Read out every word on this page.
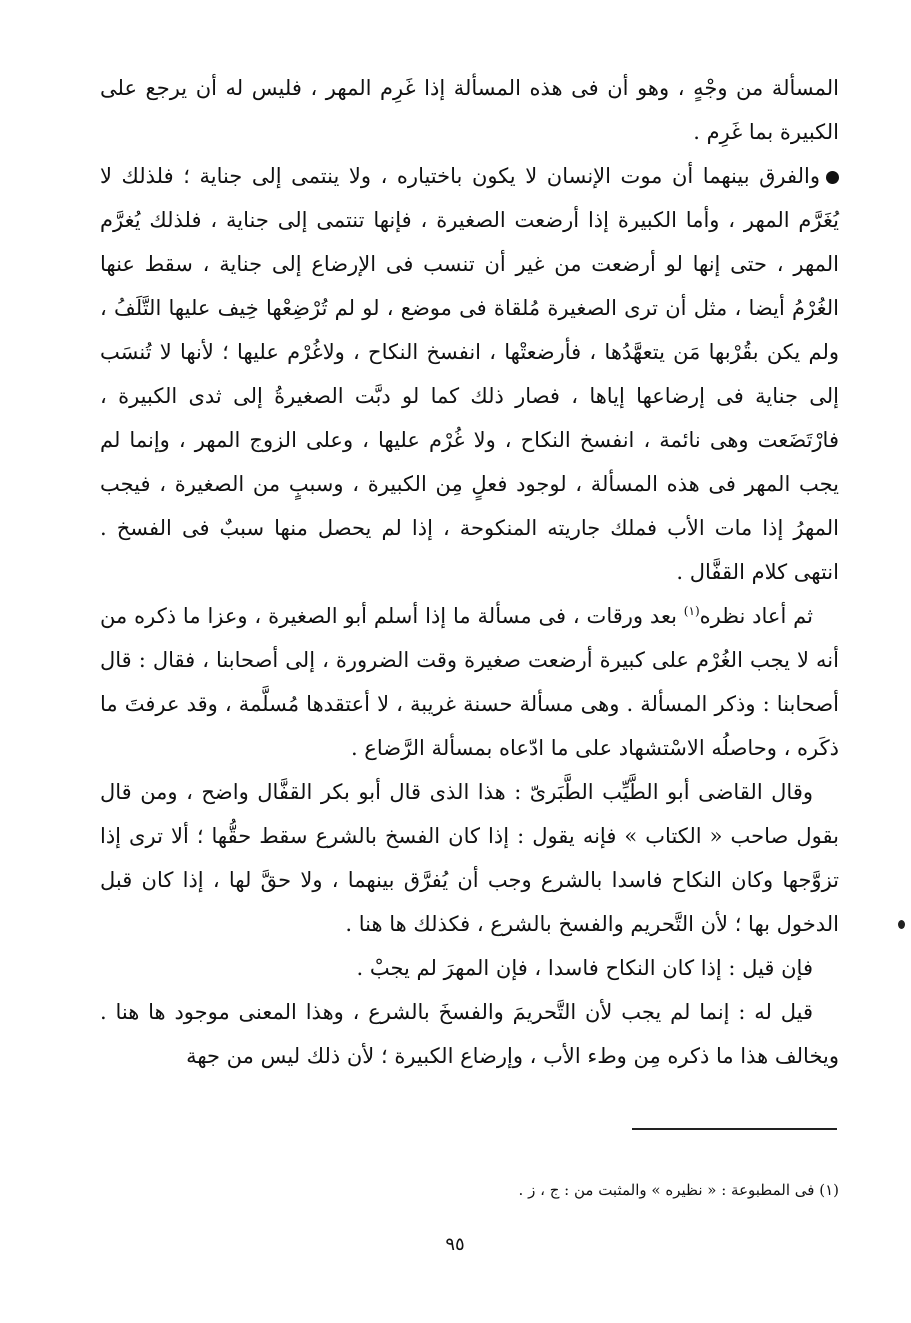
المسألة من وجْهٍ ، وهو أن فى هذه المسألة إذا غَرِم المهر ، فليس له أن يرجع على الكبيرة بما غَرِم .

والفرق بينهما أن موت الإنسان لا يكون باختياره ، ولا ينتمى إلى جناية ؛ فلذلك لا يُغَرَّم المهر ، وأما الكبيرة إذا أرضعت الصغيرة ، فإنها تنتمى إلى جناية ، فلذلك يُغرَّم المهر ، حتى إنها لو أرضعت من غير أن تنسب فى الإرضاع إلى جناية ، سقط عنها الغُرْمُ أيضا ، مثل أن ترى الصغيرة مُلقاة فى موضع ، لو لم تُرْضِعْها خِيف عليها التَّلَفُ ، ولم يكن بقُرْبها مَن يتعهَّدُها ، فأرضعتْها ، انفسخ النكاح ، ولاغُرْم عليها ؛ لأنها لا تُنسَب إلى جناية فى إرضاعها إياها ، فصار ذلك كما لو دبَّت الصغيرةُ إلى ثدى الكبيرة ، فارْتَضَعت وهى نائمة ، انفسخ النكاح ، ولا غُرْم عليها ، وعلى الزوج المهر ، وإنما لم يجب المهر فى هذه المسألة ، لوجود فعلٍ مِن الكبيرة ، وسببٍ من الصغيرة ، فيجب المهرُ إذا مات الأب فملك جاريته المنكوحة ، إذا لم يحصل منها سببٌ فى الفسخ . انتهى كلام القفَّال .

ثم أعاد نظره$^{(١)}$ بعد ورقات ، فى مسألة ما إذا أسلم أبو الصغيرة ، وعزا ما ذكره من أنه لا يجب الغُرْم على كبيرة أرضعت صغيرة وقت الضرورة ، إلى أصحابنا ، فقال : قال أصحابنا : وذكر المسألة . وهى مسألة حسنة غريبة ، لا أعتقدها مُسلَّمة ، وقد عرفتَ ما ذكَره ، وحاصلُه الاسْتشهاد على ما ادّعاه بمسألة الرَّضاع .

وقال القاضى أبو الطَّيِّب الطَّبَرىّ : هذا الذى قال أبو بكر القفَّال واضح ، ومن قال بقول صاحب « الكتاب » فإنه يقول : إذا كان الفسخ بالشرع سقط حقُّها ؛ ألا ترى إذا تزوَّجها وكان النكاح فاسدا بالشرع وجب أن يُفرَّق بينهما ، ولا حقَّ لها ، إذا كان قبل الدخول بها ؛ لأن التَّحريم والفسخ بالشرع ، فكذلك ها هنا .

فإن قيل : إذا كان النكاح فاسدا ، فإن المهرَ لم يجبْ .

قيل له : إنما لم يجب لأن التَّحريمَ والفسخَ بالشرع ، وهذا المعنى موجود ها هنا . ويخالف هذا ما ذكره مِن وطء الأب ، وإرضاع الكبيرة ؛ لأن ذلك ليس من جهة

(١) فى المطبوعة : « نظيره » والمثبت من : ج ، ز .
٩٥
